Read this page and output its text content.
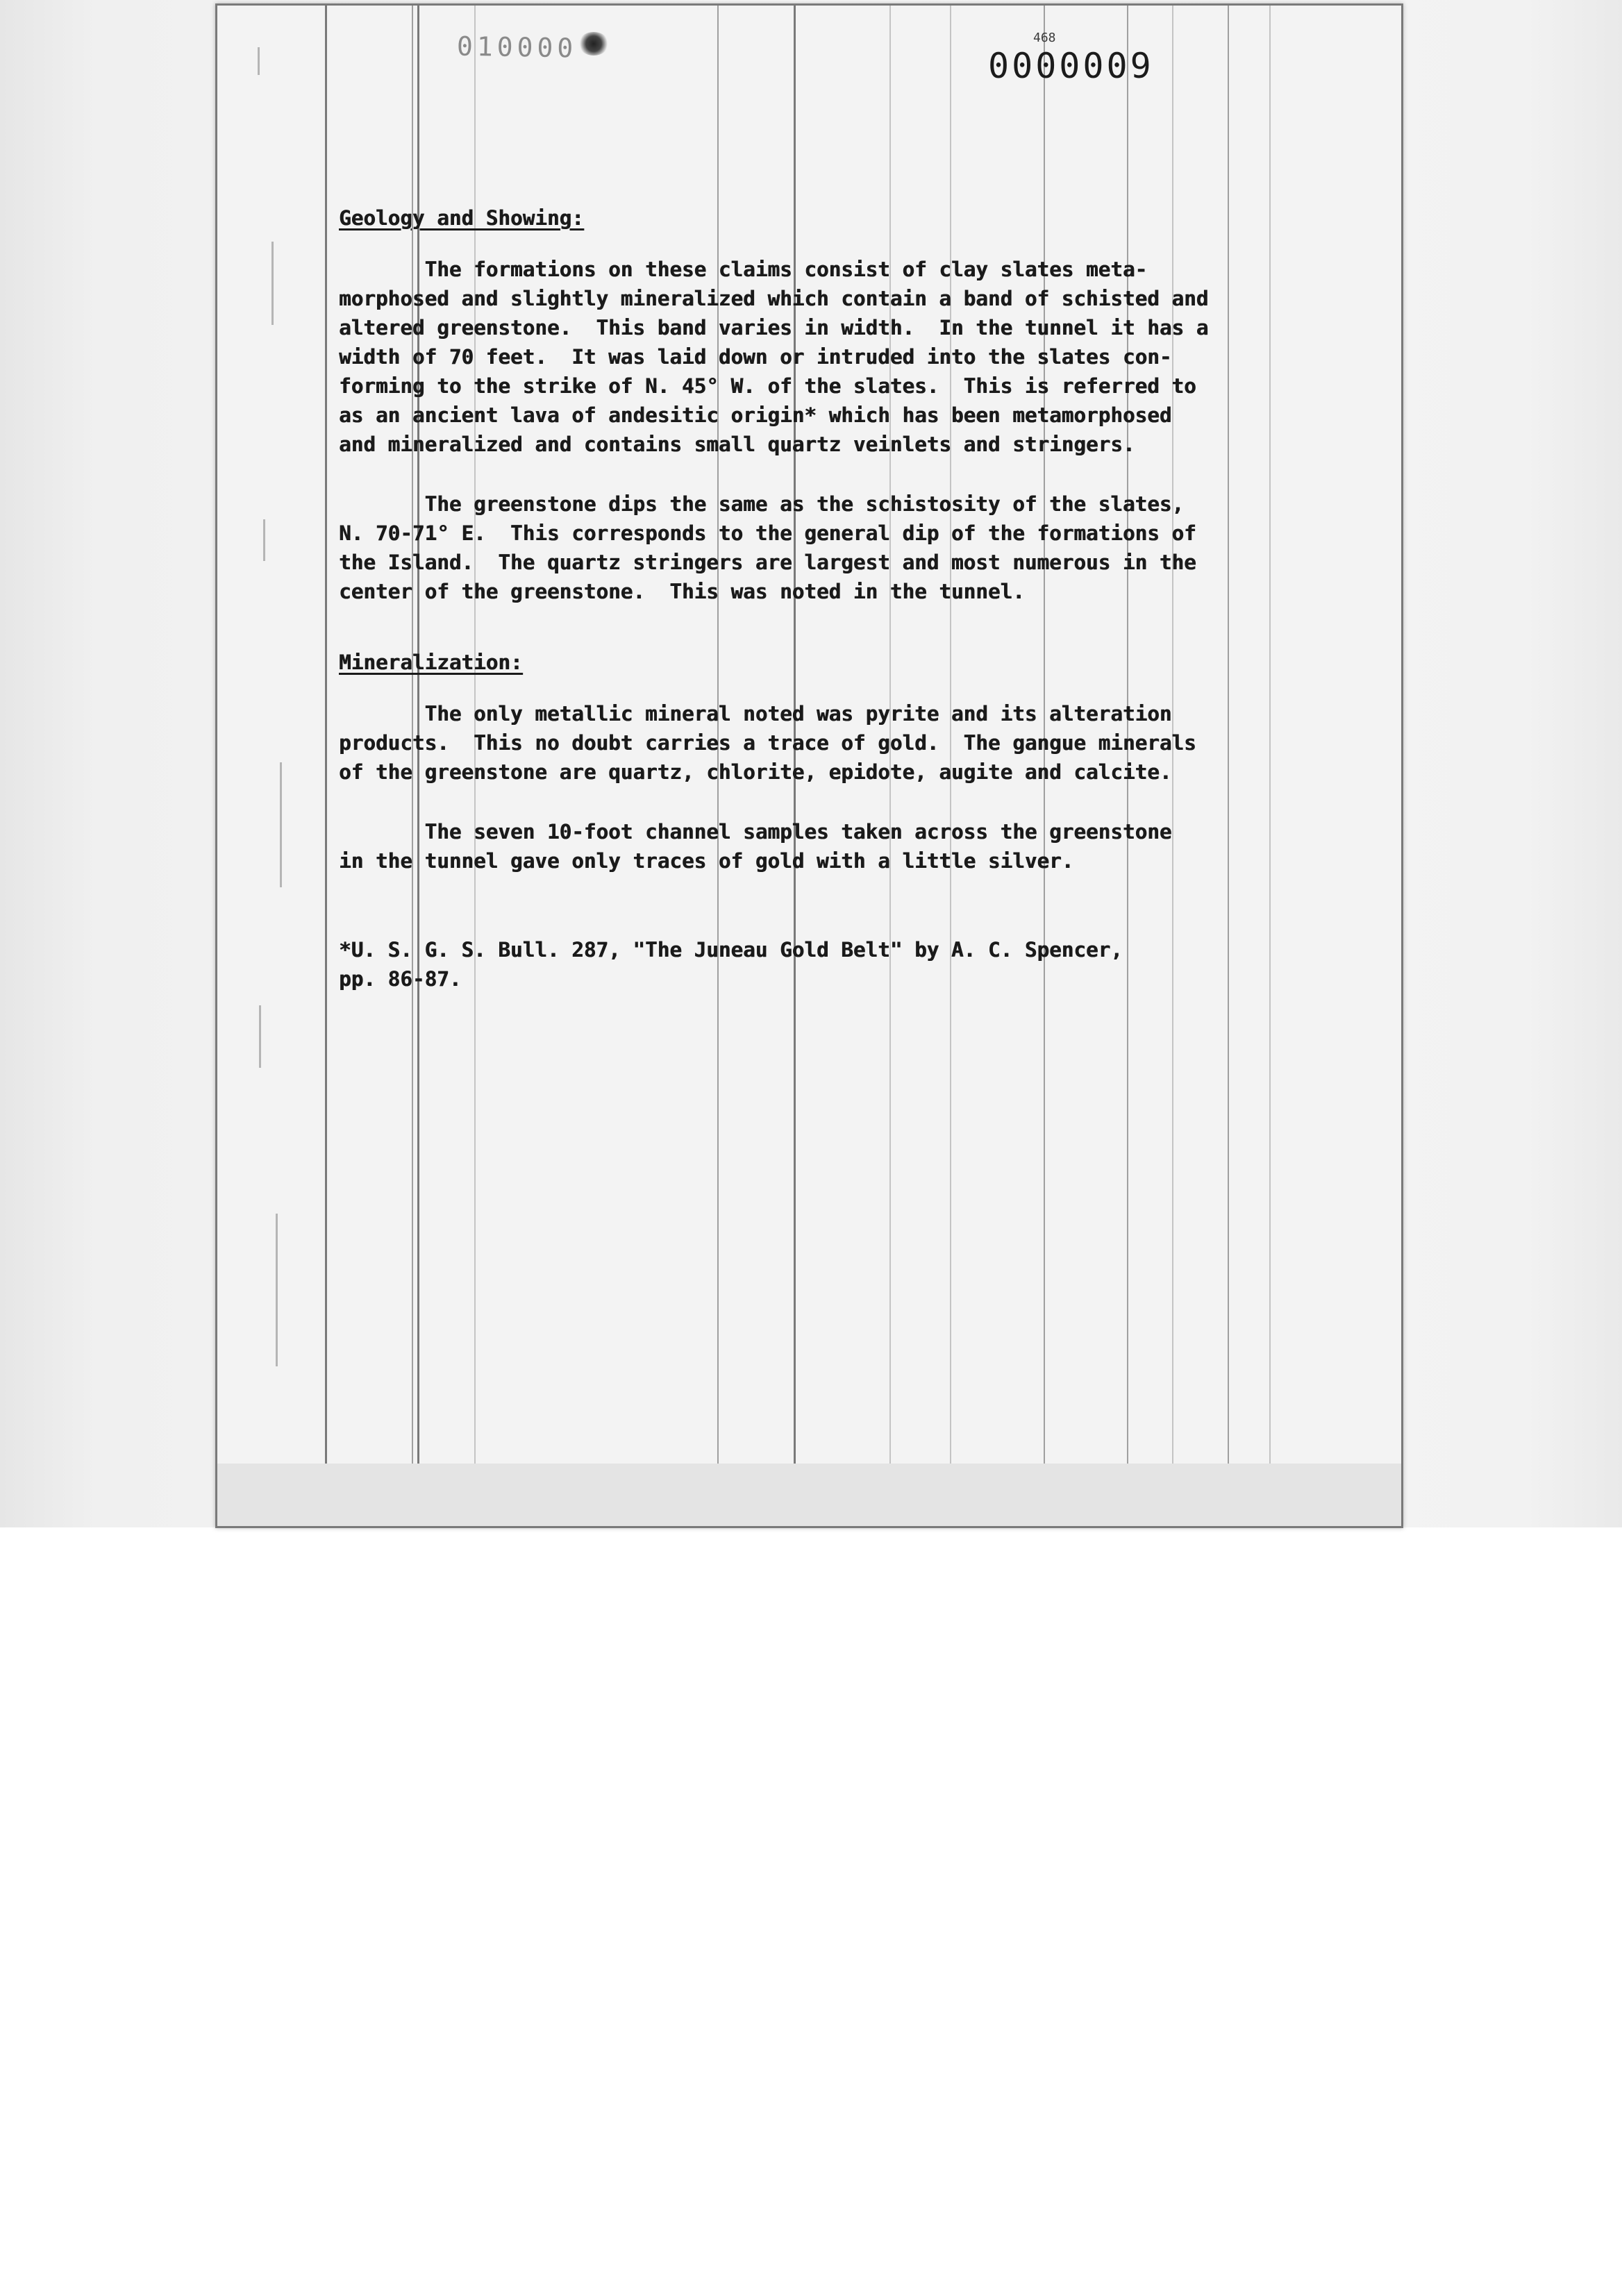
010000	468
0000009
Geology and Showing:

The formations on these claims consist of clay slates meta-

morphosed and slightly mineralized which contain a band of schisted and

altered greenstone.  This band varies in width.  In the tunnel it has a

width of 70 feet.  It was laid down or intruded into the slates con-

forming to the strike of N. 45° W. of the slates.  This is referred to

as an ancient lava of andesitic origin* which has been metamorphosed

and mineralized and contains small quartz veinlets and stringers.

The greenstone dips the same as the schistosity of the slates,

N. 70-71° E.  This corresponds to the general dip of the formations of

the Island.  The quartz stringers are largest and most numerous in the

center of the greenstone.  This was noted in the tunnel.

Mineralization:

The only metallic mineral noted was pyrite and its alteration

products.  This no doubt carries a trace of gold.  The gangue minerals

of the greenstone are quartz, chlorite, epidote, augite and calcite.

The seven 10-foot channel samples taken across the greenstone

in the tunnel gave only traces of gold with a little silver.

*U. S. G. S. Bull. 287, "The Juneau Gold Belt" by A. C. Spencer,

pp. 86-87.
